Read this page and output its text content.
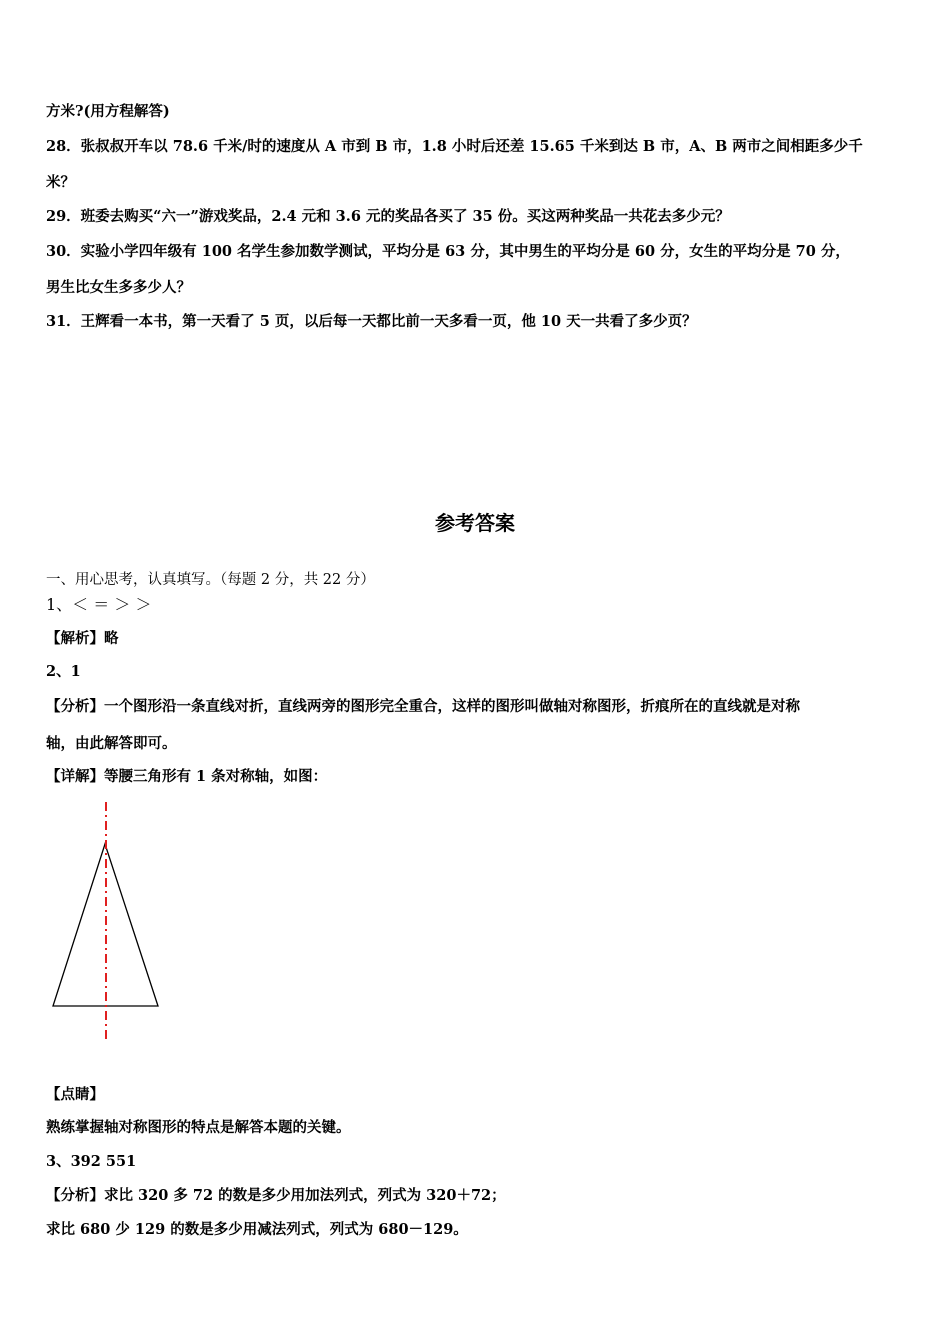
方米?(用方程解答)
28．张叔叔开车以 78.6 千米/时的速度从 A 市到 B 市，1.8 小时后还差 15.65 千米到达 B 市，A、B 两市之间相距多少千
米？
29．班委去购买“六一”游戏奖品，2.4 元和 3.6 元的奖品各买了 35 份。买这两种奖品一共花去多少元？
30．实验小学四年级有 100 名学生参加数学测试，平均分是 63 分，其中男生的平均分是 60 分，女生的平均分是 70 分，
男生比女生多多少人？
31．王辉看一本书，第一天看了 5 页，以后每一天都比前一天多看一页，他 10 天一共看了多少页？
参考答案
一、用心思考，认真填写。（每题 2 分，共 22 分）
1、＜ ＝ ＞ ＞
【解析】略
2、1
【分析】一个图形沿一条直线对折，直线两旁的图形完全重合，这样的图形叫做轴对称图形，折痕所在的直线就是对称
轴，由此解答即可。
【详解】等腰三角形有 1 条对称轴，如图：
【点睛】
熟练掌握轴对称图形的特点是解答本题的关键。
3、392 551
【分析】求比 320 多 72 的数是多少用加法列式，列式为 320＋72；
求比 680 少 129 的数是多少用减法列式，列式为 680－129。
